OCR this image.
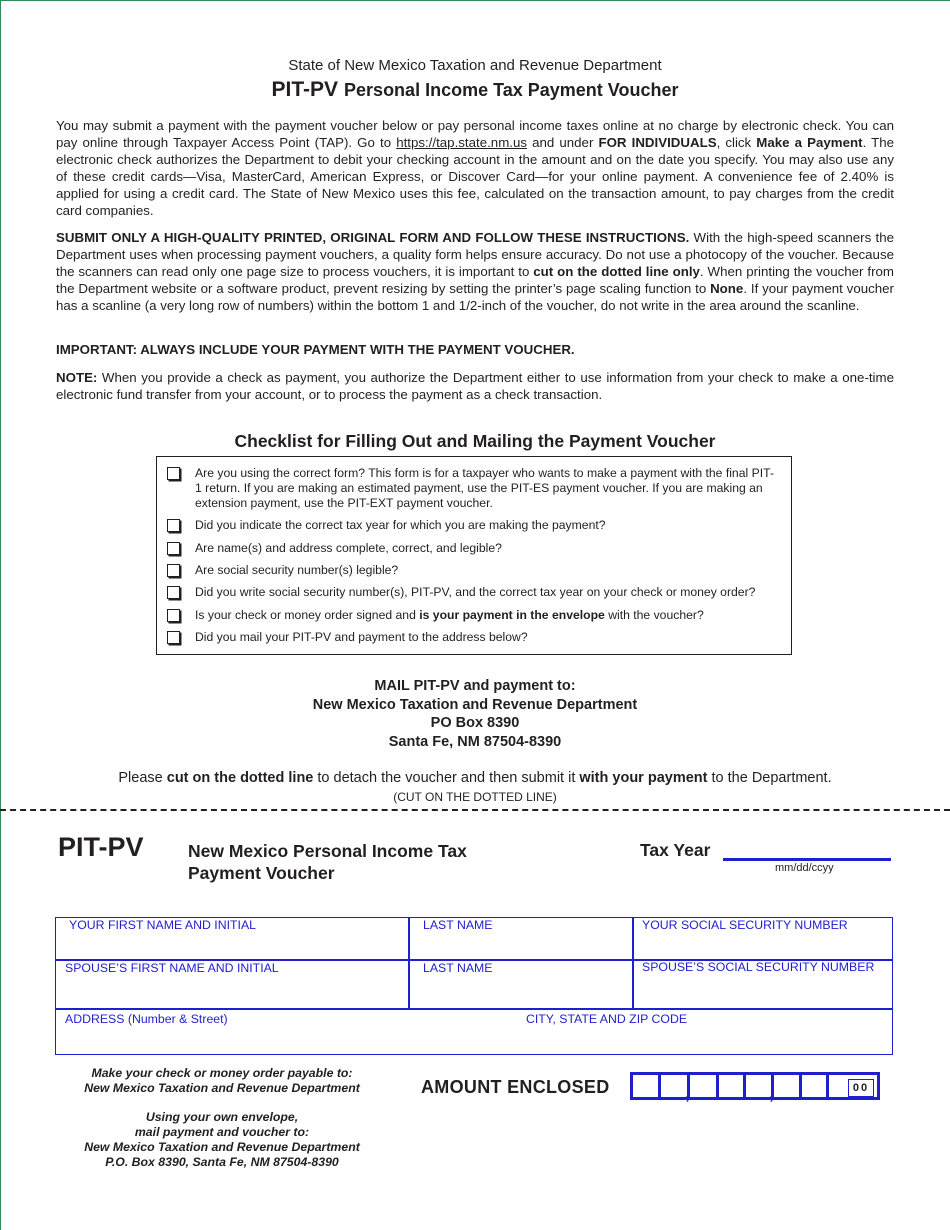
State of New Mexico Taxation and Revenue Department
PIT-PV Personal Income Tax Payment Voucher
You may submit a payment with the payment voucher below or pay personal income taxes online at no charge by electronic check. You can pay online through Taxpayer Access Point (TAP). Go to https://tap.state.nm.us and under FOR INDIVIDUALS, click Make a Payment. The electronic check authorizes the Department to debit your checking account in the amount and on the date you specify. You may also use any of these credit cards—Visa, MasterCard, American Express, or Discover Card—for your online payment. A convenience fee of 2.40% is applied for using a credit card. The State of New Mexico uses this fee, calculated on the transaction amount, to pay charges from the credit card companies.
SUBMIT ONLY A HIGH-QUALITY PRINTED, ORIGINAL FORM AND FOLLOW THESE INSTRUCTIONS. With the high-speed scanners the Department uses when processing payment vouchers, a quality form helps ensure accuracy. Do not use a photocopy of the voucher. Because the scanners can read only one page size to process vouchers, it is important to cut on the dotted line only. When printing the voucher from the Department website or a software product, prevent resizing by setting the printer’s page scaling function to None. If your payment voucher has a scanline (a very long row of numbers) within the bottom 1 and 1/2-inch of the voucher, do not write in the area around the scanline.
IMPORTANT: ALWAYS INCLUDE YOUR PAYMENT WITH THE PAYMENT VOUCHER.
NOTE: When you provide a check as payment, you authorize the Department either to use information from your check to make a one-time electronic fund transfer from your account, or to process the payment as a check transaction.
Checklist for Filling Out and Mailing the Payment Voucher
Are you using the correct form? This form is for a taxpayer who wants to make a payment with the final PIT-1 return. If you are making an estimated payment, use the PIT-ES payment voucher. If you are making an extension payment, use the PIT-EXT payment voucher.
Did you indicate the correct tax year for which you are making the payment?
Are name(s) and address complete, correct, and legible?
Are social security number(s) legible?
Did you write social security number(s), PIT-PV, and the correct tax year on your check or money order?
Is your check or money order signed and is your payment in the envelope with the voucher?
Did you mail your PIT-PV and payment to the address below?
MAIL PIT-PV and payment to:
New Mexico Taxation and Revenue Department
PO Box 8390
Santa Fe, NM 87504-8390
Please cut on the dotted line to detach the voucher and then submit it with your payment to the Department.
(CUT ON THE DOTTED LINE)
PIT-PV	New Mexico Personal Income Tax
Payment Voucher
Tax Year
mm/dd/ccyy
YOUR FIRST NAME AND INITIAL	LAST NAME	YOUR SOCIAL SECURITY NUMBER
SPOUSE’S FIRST NAME AND INITIAL	LAST NAME	SPOUSE’S SOCIAL SECURITY NUMBER
ADDRESS (Number & Street)	CITY, STATE AND ZIP CODE
Make your check or money order payable to:
New Mexico Taxation and Revenue Department
Using your own envelope,
mail payment and voucher to:
New Mexico Taxation and Revenue Department
P.O. Box 8390, Santa Fe, NM 87504-8390
AMOUNT ENCLOSED	,	,	.
00
